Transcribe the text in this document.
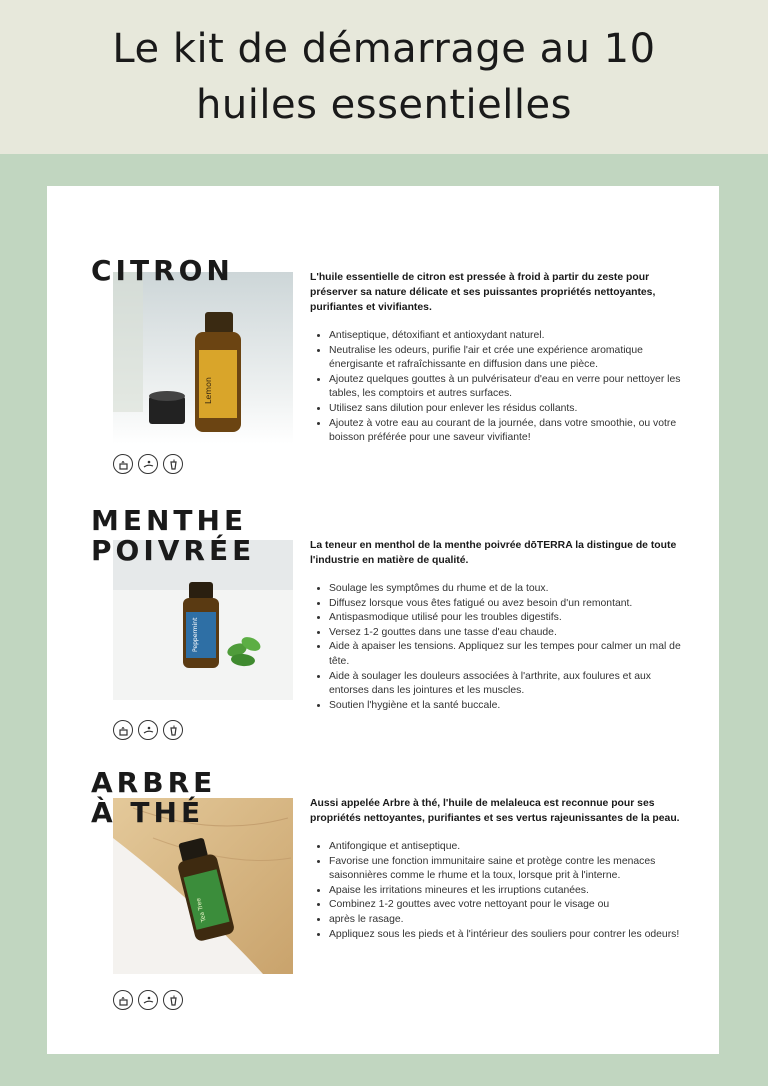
Le kit de démarrage au 10 huiles essentielles
CITRON
Lemon

L'huile essentielle de citron est pressée à froid à partir du zeste pour préserver sa nature délicate et ses puissantes propriétés nettoyantes, purifiantes et vivifiantes.

• Antiseptique, détoxifiant et antioxydant naturel.
• Neutralise les odeurs, purifie l'air et crée une expérience aromatique énergisante et rafraîchissante en diffusion dans une pièce.
• Ajoutez quelques gouttes à un pulvérisateur d'eau en verre pour nettoyer les tables, les comptoirs et autres surfaces.
• Utilisez sans dilution pour enlever les résidus collants.
• Ajoutez à votre eau au courant de la journée, dans votre smoothie, ou votre boisson préférée pour une saveur vivifiante!
MENTHE
POIVRÉE
Peppermint

La teneur en menthol de la menthe poivrée dōTERRA la distingue de toute l'industrie en matière de qualité.

• Soulage les symptômes du rhume et de la toux.
• Diffusez lorsque vous êtes fatigué ou avez besoin d'un remontant.
• Antispasmodique utilisé pour les troubles digestifs.
• Versez 1-2 gouttes dans une tasse d'eau chaude.
• Aide à apaiser les tensions. Appliquez sur les tempes pour calmer un mal de tête.
• Aide à soulager les douleurs associées à l'arthrite, aux foulures et aux entorses dans les jointures et les muscles.
• Soutien l'hygiène et la santé buccale.
ARBRE
À THÉ
Tea Tree

Aussi appelée Arbre à thé, l'huile de melaleuca est reconnue pour ses propriétés nettoyantes, purifiantes et ses vertus rajeunissantes de la peau.

• Antifongique et antiseptique.
• Favorise une fonction immunitaire saine et protège contre les menaces saisonnières comme le rhume et la toux, lorsque prit à l'interne.
• Apaise les irritations mineures et les irruptions cutanées.
• Combinez 1-2 gouttes avec votre nettoyant pour le visage ou
• après le rasage.
• Appliquez sous les pieds et à l'intérieur des souliers pour contrer les odeurs!
